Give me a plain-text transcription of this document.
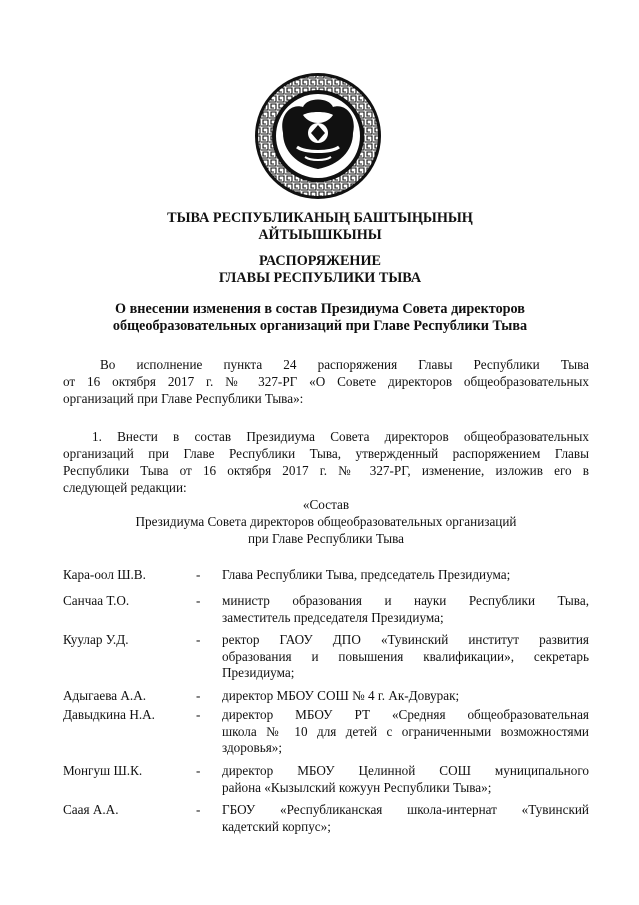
ТЫВА РЕСПУБЛИКАНЫҢ БАШТЫҢЫНЫҢ
АЙТЫЫШКЫНЫ
РАСПОРЯЖЕНИЕ
ГЛАВЫ РЕСПУБЛИКИ ТЫВА
О внесении изменения в состав Президиума Совета директоров
общеобразовательных организаций при Главе Республики Тыва
Во исполнение пункта 24 распоряжения Главы Республики Тыва
от 16 октября 2017 г. № 327-РГ «О Совете директоров общеобразовательных
организаций при Главе Республики Тыва»:
1. Внести в состав Президиума Совета директоров общеобразовательных
организаций при Главе Республики Тыва, утвержденный распоряжением Главы
Республики Тыва от 16 октября 2017 г. № 327-РГ, изменение, изложив его в
следующей редакции:
«Состав
Президиума Совета директоров общеобразовательных организаций
при Главе Республики Тыва
Кара-оол Ш.В.	- Глава Республики Тыва, председатель Президиума;
Санчаа Т.О.	- министр образования и науки Республики Тыва,
заместитель председателя Президиума;
Куулар У.Д.	- ректор ГАОУ ДПО «Тувинский институт развития
образования и повышения квалификации», секретарь
Президиума;
Адыгаева А.А.	- директор МБОУ СОШ № 4 г. Ак-Довурак;
Давыдкина Н.А.	- директор МБОУ РТ «Средняя общеобразовательная
школа № 10 для детей с ограниченными возможностями
здоровья»;
Монгуш Ш.К.	- директор МБОУ Целинной СОШ муниципального
района «Кызылский кожуун Республики Тыва»;
Саая А.А.	- ГБОУ «Республиканская школа-интернат «Тувинский
кадетский корпус»;
